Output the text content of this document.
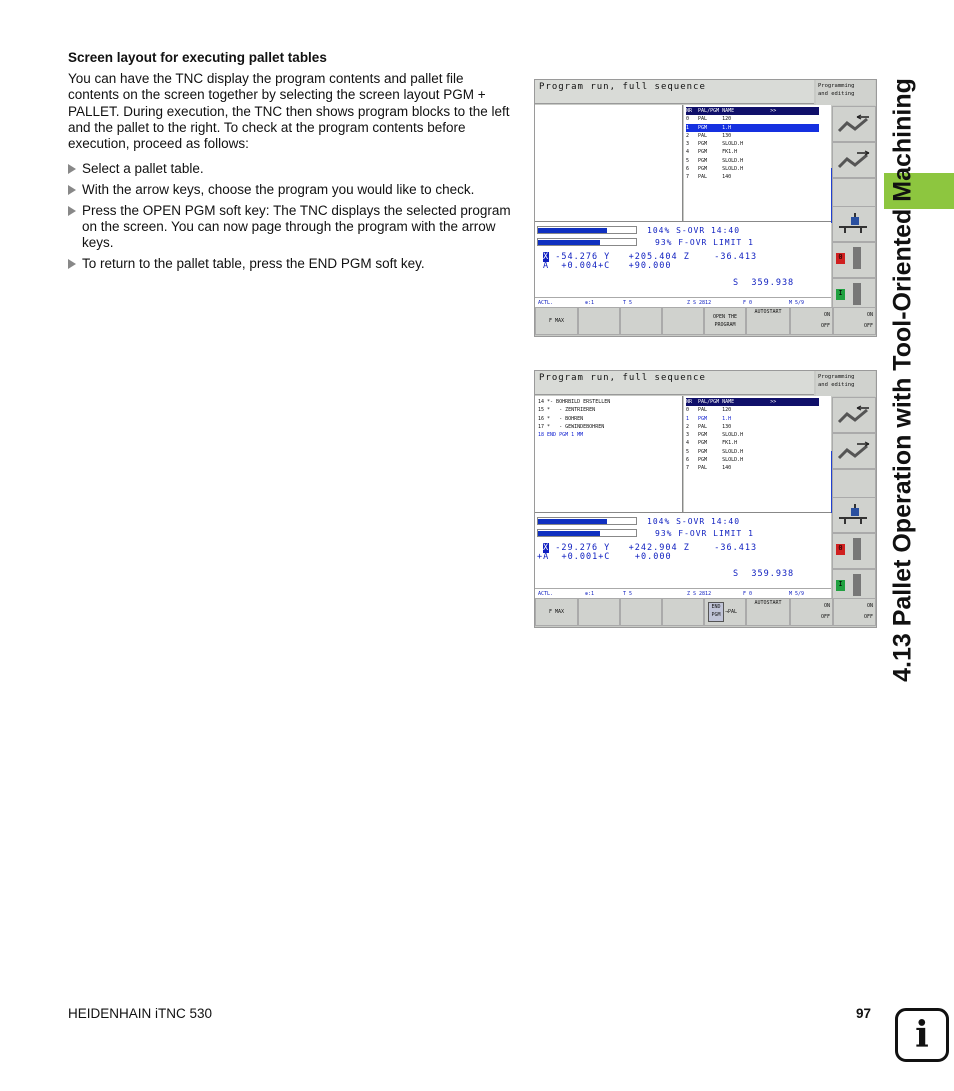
Screen layout for executing pallet tables
You can have the TNC display the program contents and pallet file contents on the screen together by selecting the screen layout PGM + PALLET. During execution, the TNC then shows program blocks to the left and the pallet to the right. To check at the program contents before execution, proceed as follows:
Select a pallet table.
With the arrow keys, choose the program you would like to check.
Press the OPEN PGM soft key: The TNC displays the selected program on the screen. You can now page through the program with the arrow keys.
To return to the pallet table, press the END PGM soft key.
Program run, full sequence	Programming
and editing
NR  PAL/PGM NAME            >>
0   PAL     120
1   PGM     1.H
2   PAL     130
3   PGM     SLOLD.H
4   PGM     FK1.H
5   PGM     SLOLD.H
6   PGM     SLOLD.H
7   PAL     140
104% S-OVR 14:40
93% F-OVR LIMIT 1
X -54.276 Y   +205.404 Z    -36.413
A  +0.004+C   +90.000
S  359.938
ACTL.	⊕:1	T 5	Z S 2812	F 0	M 5/9
0
I
F MAX
OPEN THE
PROGRAM
AUTOSTART	ON
OFF
ON
OFF
Program run, full sequence	Programming
and editing
14 *- BOHRBILD ERSTELLEN
15 *   - ZENTRIEREN
16 *   - BOHREN
17 *   - GEWINDEBOHREN
18 END PGM 1 MM
NR  PAL/PGM NAME            >>
0   PAL     120
1   PGM     1.H
2   PAL     130
3   PGM     SLOLD.H
4   PGM     FK1.H
5   PGM     SLOLD.H
6   PGM     SLOLD.H
7   PAL     140
104% S-OVR 14:40
93% F-OVR LIMIT 1
X -29.276 Y   +242.904 Z    -36.413
+A  +0.001+C    +0.000
S  359.938
ACTL.	⊕:1	T 5	Z S 2812	F 0	M 5/9
0
I
F MAX
END
PGM →PAL
AUTOSTART	ON
OFF
ON
OFF 4.13 Pallet Operation with Tool-Oriented Machining
HEIDENHAIN iTNC 530	97
i
